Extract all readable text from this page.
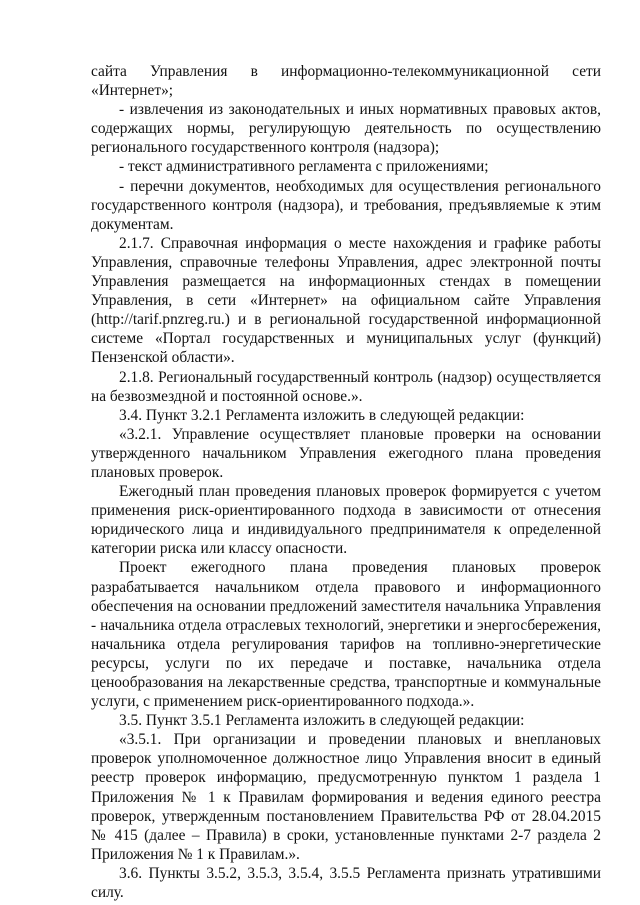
сайта Управления в информационно-телекоммуникационной сети «Интернет»;

- извлечения из законодательных и иных нормативных правовых актов, содержащих нормы, регулирующую деятельность по осуществлению регионального государственного контроля (надзора);

- текст административного регламента с приложениями;

- перечни документов, необходимых для осуществления регионального государственного контроля (надзора), и требования, предъявляемые к этим документам.

2.1.7. Справочная информация о месте нахождения и графике работы Управления, справочные телефоны Управления, адрес электронной почты Управления размещается на информационных стендах в помещении Управления, в сети «Интернет» на официальном сайте Управления (http://tarif.pnzreg.ru.) и в региональной государственной информационной системе «Портал государственных и муниципальных услуг (функций) Пензенской области».

2.1.8. Региональный государственный контроль (надзор) осуществляется на безвозмездной и постоянной основе.».

3.4. Пункт 3.2.1 Регламента изложить в следующей редакции:

«3.2.1. Управление осуществляет плановые проверки на основании утвержденного начальником Управления ежегодного плана проведения плановых проверок.

Ежегодный план проведения плановых проверок формируется с учетом применения риск-ориентированного подхода в зависимости от отнесения юридического лица и индивидуального предпринимателя к определенной категории риска или классу опасности.

Проект ежегодного плана проведения плановых проверок разрабатывается начальником отдела правового и информационного обеспечения на основании предложений заместителя начальника Управления - начальника отдела отраслевых технологий, энергетики и энергосбережения, начальника отдела регулирования тарифов на топливно-энергетические ресурсы, услуги по их передаче и поставке, начальника отдела ценообразования на лекарственные средства, транспортные и коммунальные услуги, с применением риск-ориентированного подхода.».

3.5. Пункт 3.5.1 Регламента изложить в следующей редакции:

«3.5.1. При организации и проведении плановых и внеплановых проверок уполномоченное должностное лицо Управления вносит в единый реестр проверок информацию, предусмотренную пунктом 1 раздела 1 Приложения № 1 к Правилам формирования и ведения единого реестра проверок, утвержденным постановлением Правительства РФ от 28.04.2015 № 415 (далее – Правила) в сроки, установленные пунктами 2-7 раздела 2 Приложения № 1 к Правилам.».

3.6. Пункты 3.5.2, 3.5.3, 3.5.4, 3.5.5 Регламента признать утратившими силу.
